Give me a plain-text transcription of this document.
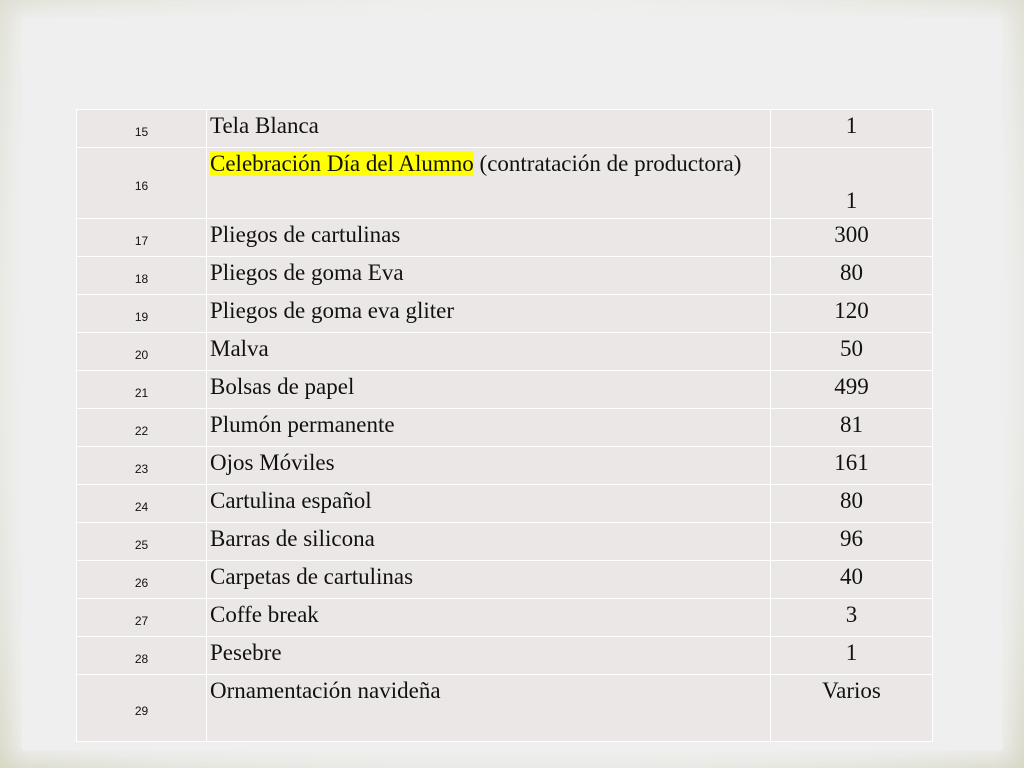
15	Tela Blanca	1
16	Celebración Día del Alumno (contratación de productora)	1
17	Pliegos de cartulinas	300
18	Pliegos de goma Eva	80
19	Pliegos de goma eva gliter	120
20	Malva	50
21	Bolsas de papel	499
22	Plumón permanente	81
23	Ojos Móviles	161
24	Cartulina español	80
25	Barras de silicona	96
26	Carpetas de cartulinas	40
27	Coffe break	3
28	Pesebre	1
29	Ornamentación navideña	Varios
